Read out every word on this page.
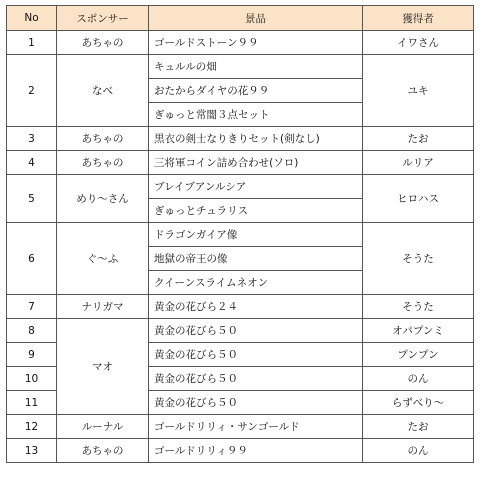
No	スポンサー	景品	獲得者
1	あちゃの	ゴールドストーン９９	イワさん
2	なべ	キュルルの畑	ユキ
		おたからダイヤの花９９	
		ぎゅっと常闇３点セット	
3	あちゃの	黒衣の剣士なりきりセット(剣なし)	たお
4	あちゃの	三将軍コイン詰め合わせ(ソロ)	ルリア
5	めり～さん	ブレイブアンルシア	ヒロハス
		ぎゅっとチュラリス	
6	ぐ～ふ	ドラゴンガイア像	そうた
		地獄の帝王の像	
		クイーンスライムネオン	
7	ナリガマ	黄金の花びら２４	そうた
8	マオ	黄金の花びら５０	オパプンミ
9		黄金の花びら５０	プンプン
10		黄金の花びら５０	のん
11		黄金の花びら５０	らずべり～
12	ルーナル	ゴールドリリィ・サンゴールド	たお
13	あちゃの	ゴールドリリィ９９	のん
